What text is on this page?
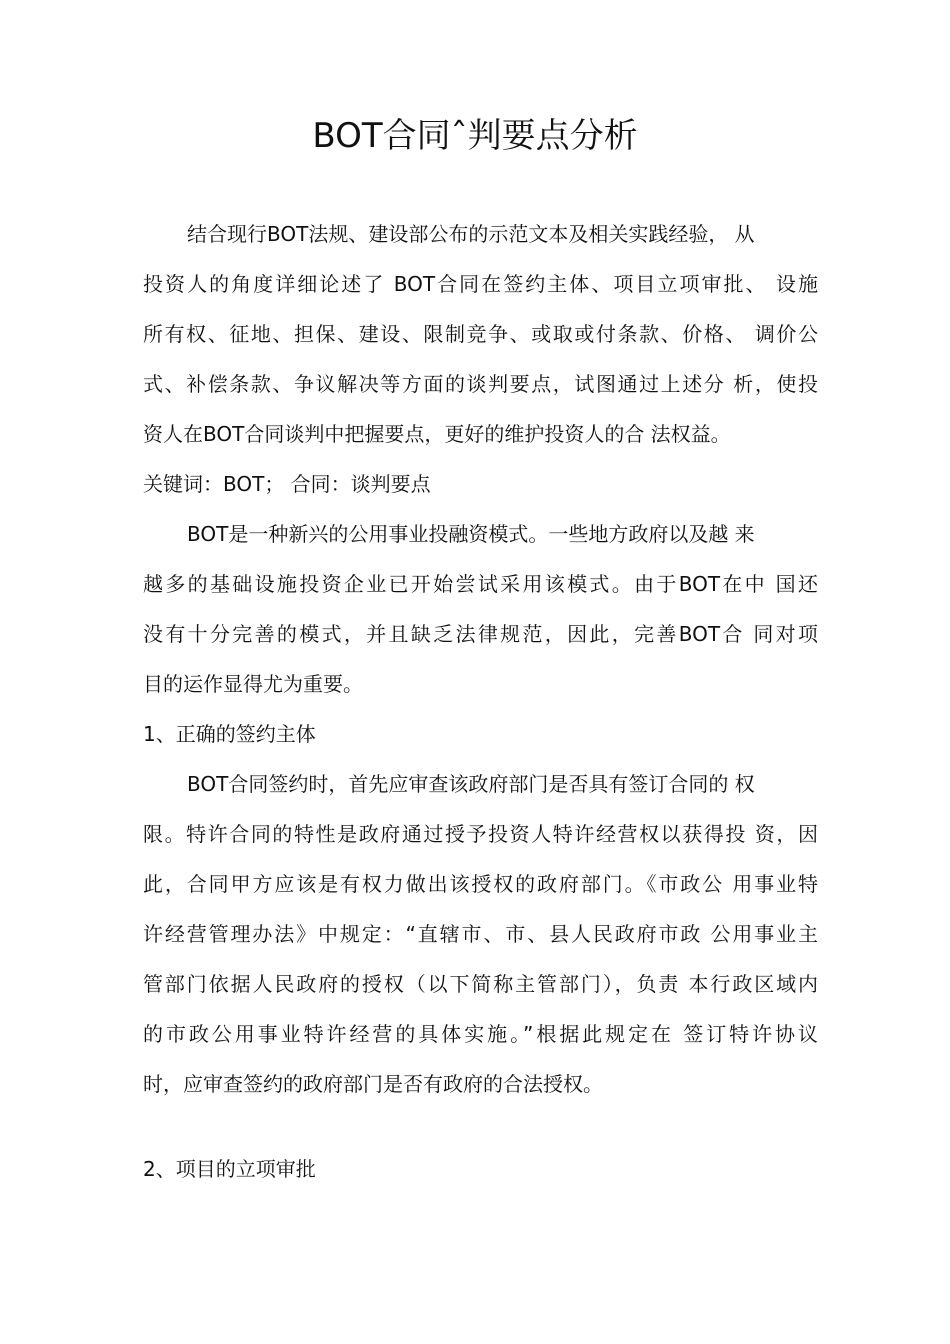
BOT合同ˆ判要点分析
结合现行BOT法规、建设部公布的示范文本及相关实践经验， 从
投资人的角度详细论述了 BOT合同在签约主体、项目立项审批、 设施
所有权、征地、担保、建设、限制竞争、或取或付条款、价格、 调价公
式、补偿条款、争议解决等方面的谈判要点，试图通过上述分 析，使投
资人在BOT合同谈判中把握要点，更好的维护投资人的合 法权益。
关键词：BOT； 合同：谈判要点
BOT是一种新兴的公用事业投融资模式。一些地方政府以及越 来
越多的基础设施投资企业已开始尝试采用该模式。由于BOT在中 国还
没有十分完善的模式，并且缺乏法律规范，因此，完善BOT合 同对项
目的运作显得尤为重要。
1、正确的签约主体
BOT合同签约时，首先应审查该政府部门是否具有签订合同的 权
限。特许合同的特性是政府通过授予投资人特许经营权以获得投 资，因
此，合同甲方应该是有权力做出该授权的政府部门。《市政公 用事业特
许经营管理办法》中规定：“直辖市、市、县人民政府市政 公用事业主
管部门依据人民政府的授权（以下简称主管部门），负责 本行政区域内
的市政公用事业特许经营的具体实施。”根据此规定在 签订特许协议
时，应审查签约的政府部门是否有政府的合法授权。
2、项目的立项审批
